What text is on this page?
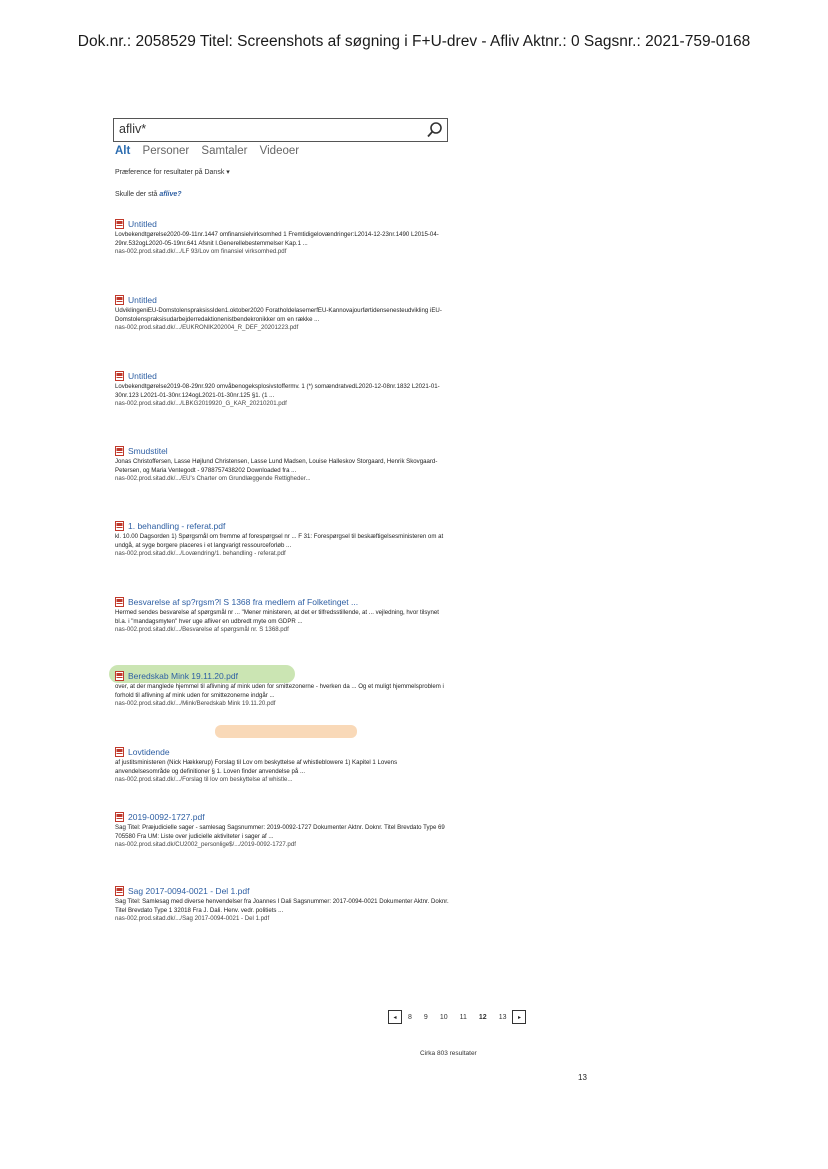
Dok.nr.: 2058529 Titel: Screenshots af søgning i F+U-drev - Afliv Aktnr.: 0 Sagsnr.: 2021-759-0168
afliv*
Alt Personer Samtaler Videoer
Præference for resultater på Dansk ▾
Skulle der stå aflive?
Untitled
Lovbekendtgørelse2020-09-11nr.1447 omfinansielvirksomhed 1 Fremtidigelovændringer:L2014-12-23nr.1490 L2015-04-29nr.532ogL2020-05-19nr.641 Afsnit I.Generellebestemmelser Kap.1 ...
nas-002.prod.sitad.dk/.../LF 93/Lov om finansiel virksomhed.pdf
Untitled
UdviklingeniEU-DomstolenspraksissIden1.oktober2020 ForatholdelasemerfEU-Kannovajourførtidensenesteudvikling iEU-Domstolenspraksisudarbejderredaktionenistbendekronikker om en række ...
nas-002.prod.sitad.dk/.../EUKRONIK202004_R_DEF_20201223.pdf
Untitled
Lovbekendtgørelse2019-08-29nr.920 omvåbenogeksplosivstoffermv. 1 (*) somændratvedL2020-12-08nr.1832 L2021-01-30nr.123 L2021-01-30nr.124ogL2021-01-30nr.125 §1. (1 ...
nas-002.prod.sitad.dk/.../LBKG2019920_G_KAR_20210201.pdf
Smudstitel
Jonas Christoffersen, Lasse Højlund Christensen, Lasse Lund Madsen, Louise Halleskov Storgaard, Henrik Skovgaard-Petersen, og Maria Ventegodt - 9788757438202 Downloaded fra ...
nas-002.prod.sitad.dk/.../EU's Charter om Grundlæggende Rettigheder...
1. behandling - referat.pdf
kl. 10.00 Dagsorden 1) Spørgsmål om fremme af forespørgsel nr ... F 31: Forespørgsel til beskæftigelsesministeren om at undgå, at syge borgere placeres i et langvarigt ressourceforløb ...
nas-002.prod.sitad.dk/.../Lovændring/1. behandling - referat.pdf
Besvarelse af sp?rgsm?l S 1368 fra medlem af Folketinget ...
Hermed sendes besvarelse af spørgsmål nr ... "Mener ministeren, at det er tilfredsstillende, at ... vejledning, hvor tilsynet bl.a. i "mandagsmyten" hver uge afliver en udbredt myte om GDPR ...
nas-002.prod.sitad.dk/.../Besvarelse af spørgsmål nr. S 1368.pdf
Beredskab Mink 19.11.20.pdf
over, at der manglede hjemmel til aflivning af mink uden for smittezonerne - hverken da ... Og et muligt hjemmelsproblem i forhold til aflivning af mink uden for smittezonerne indgår ...
nas-002.prod.sitad.dk/.../Mink/Beredskab Mink 19.11.20.pdf
Lovtidende
af justitsministeren (Nick Hækkerup) Forslag til Lov om beskyttelse af whistleblowere 1) Kapitel 1 Lovens anvendelsesområde og definitioner § 1. Loven finder anvendelse på ...
nas-002.prod.sitad.dk/.../Forslag til lov om beskyttelse af whistle...
2019-0092-1727.pdf
Sag Titel: Præjudicielle sager - samlesag Sagsnummer: 2019-0092-1727 Dokumenter Aktnr. Doknr. Titel Brevdato Type 69 705580 Fra UM: Liste over judicielle aktiviteter i sager af ...
nas-002.prod.sitad.dk/CU2002_personlige$/.../2019-0092-1727.pdf
Sag 2017-0094-0021 - Del 1.pdf
Sag Titel: Samlesag med diverse henvendelser fra Joannes I Dali Sagsnummer: 2017-0094-0021 Dokumenter Aktnr. Doknr. Titel Brevdato Type 1 32018 Fra J. Dali. Henv. vedr. politiets ...
nas-002.prod.sitad.dk/.../Sag 2017-0094-0021 - Del 1.pdf
◂	8 9 10 11 12 13	▸
Cirka 803 resultater
13
